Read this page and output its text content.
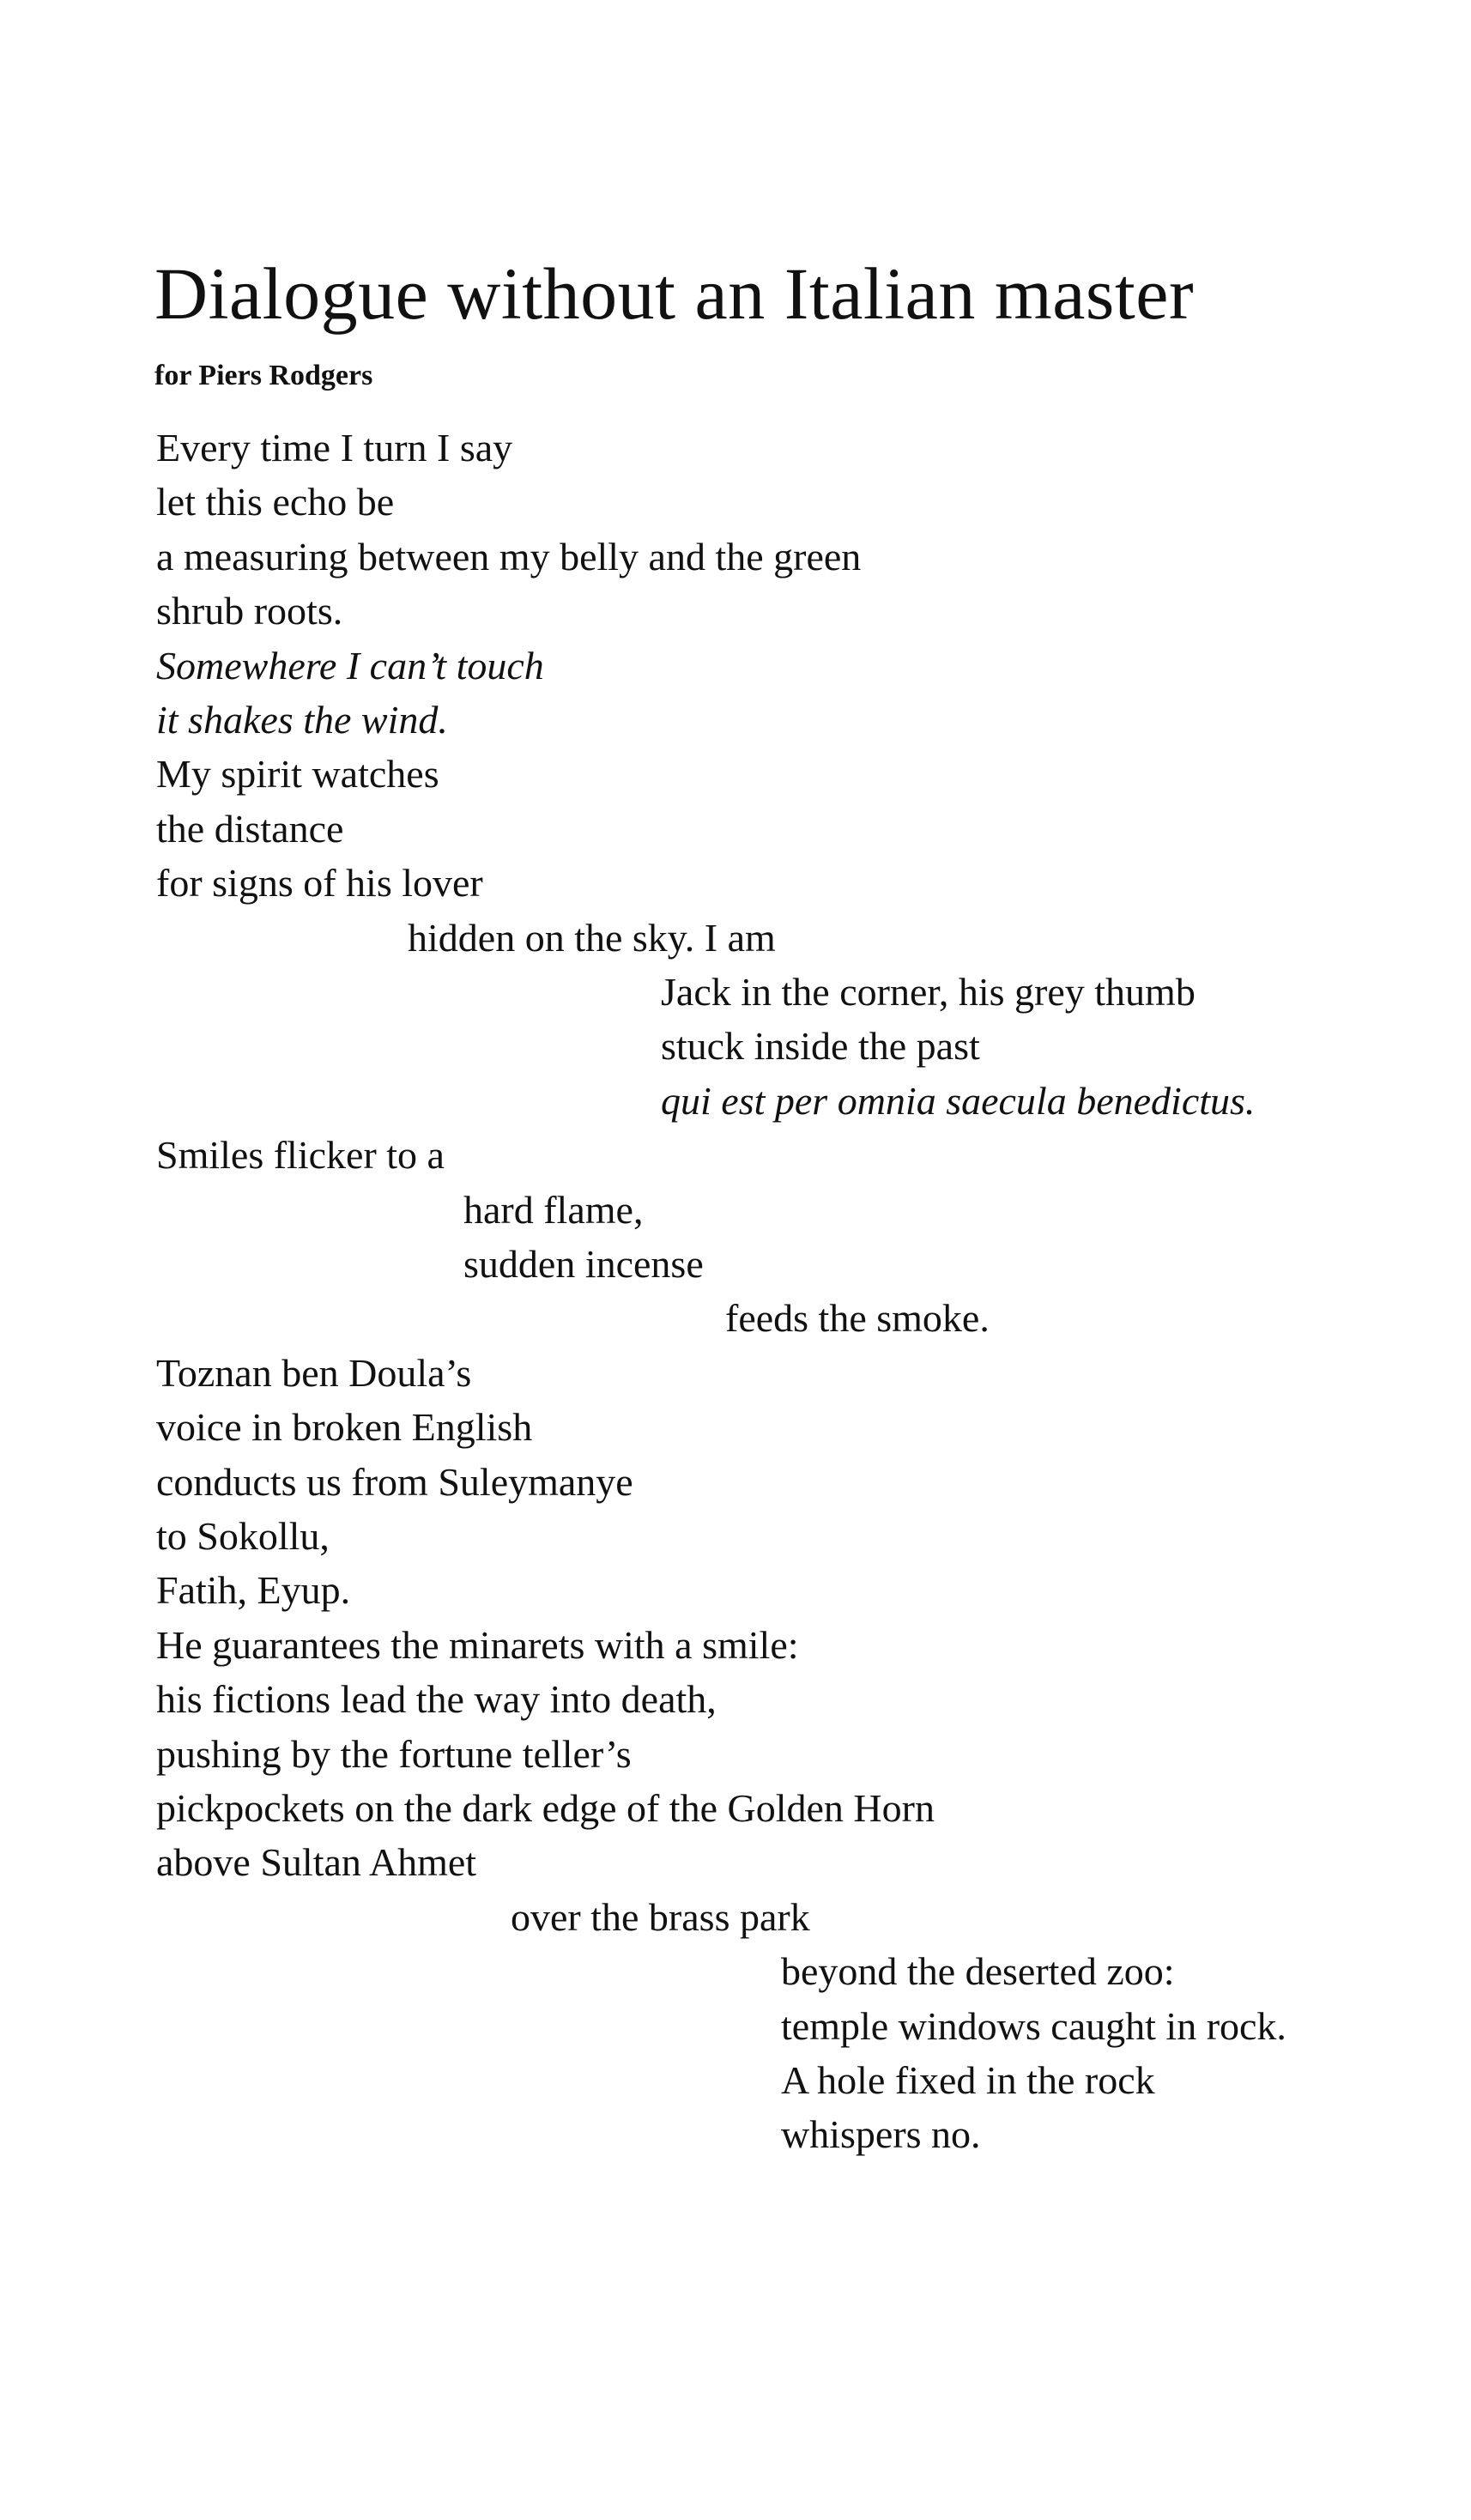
Dialogue without an Italian master
for Piers Rodgers
Every time I turn I say
let this echo be
a measuring between my belly and the green
shrub roots.
Somewhere I can’t touch
it shakes the wind.
My spirit watches
the distance
for signs of his lover
hidden on the sky. I am
Jack in the corner, his grey thumb
stuck inside the past
qui est per omnia saecula benedictus.
Smiles flicker to a
hard flame,
sudden incense
feeds the smoke.
Toznan ben Doula’s
voice in broken English
conducts us from Suleymanye
to Sokollu,
Fatih, Eyup.
He guarantees the minarets with a smile:
his fictions lead the way into death,
pushing by the fortune teller’s
pickpockets on the dark edge of the Golden Horn
above Sultan Ahmet
over the brass park
beyond the deserted zoo:
temple windows caught in rock.
A hole fixed in the rock
whispers no.
